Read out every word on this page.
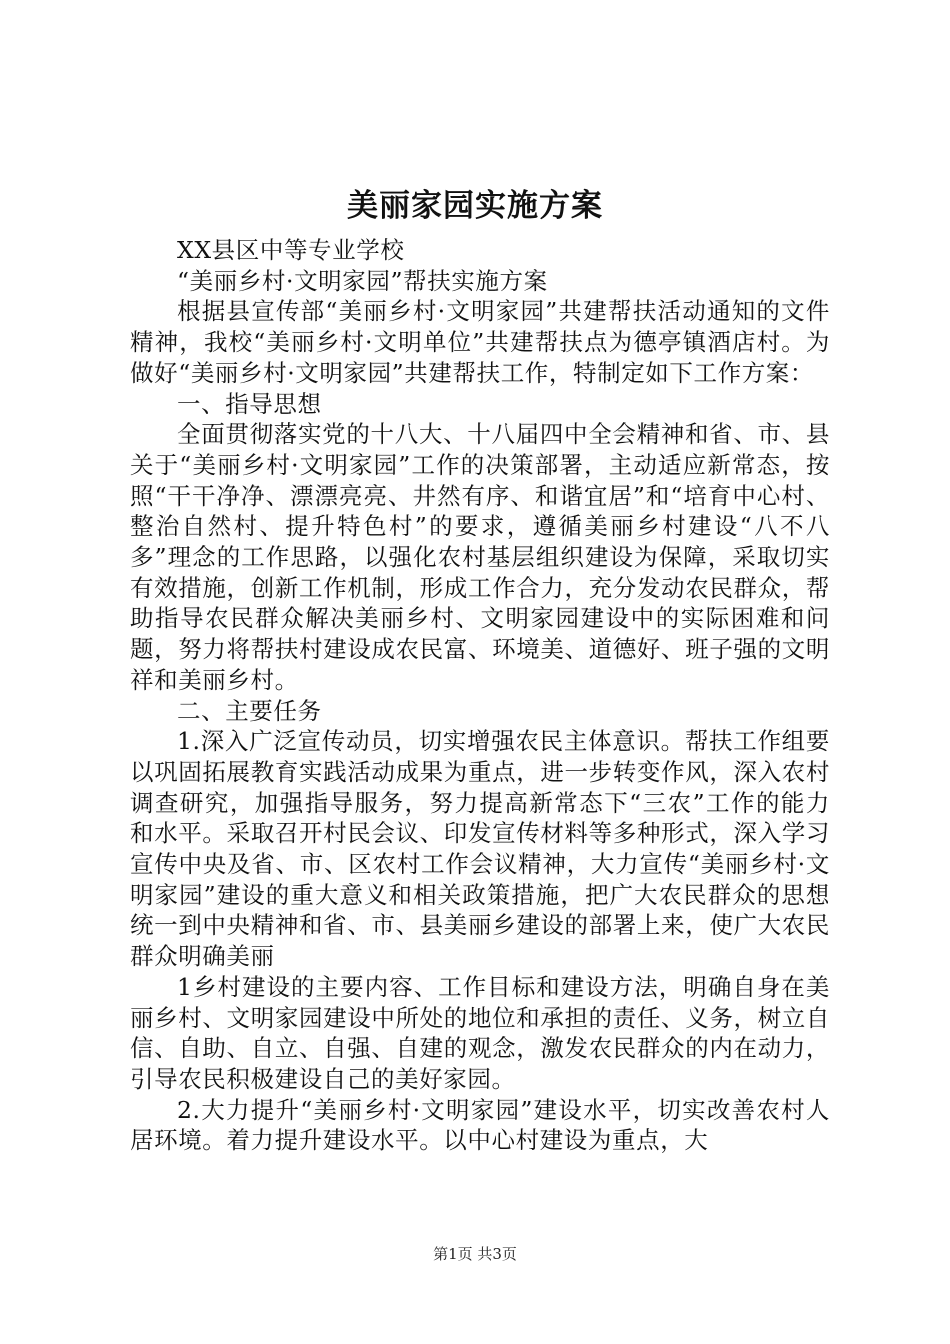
美丽家园实施方案

XX县区中等专业学校

“美丽乡村·文明家园”帮扶实施方案

根据县宣传部“美丽乡村·文明家园”共建帮扶活动通知的文件精神，我校“美丽乡村·文明单位”共建帮扶点为德亭镇酒店村。为做好“美丽乡村·文明家园”共建帮扶工作，特制定如下工作方案：

一、指导思想

全面贯彻落实党的十八大、十八届四中全会精神和省、市、县关于“美丽乡村·文明家园”工作的决策部署，主动适应新常态，按照“干干净净、漂漂亮亮、井然有序、和谐宜居”和“培育中心村、整治自然村、提升特色村”的要求，遵循美丽乡村建设“八不八多”理念的工作思路，以强化农村基层组织建设为保障，采取切实有效措施，创新工作机制，形成工作合力，充分发动农民群众，帮助指导农民群众解决美丽乡村、文明家园建设中的实际困难和问题，努力将帮扶村建设成农民富、环境美、道德好、班子强的文明祥和美丽乡村。

二、主要任务

1.深入广泛宣传动员，切实增强农民主体意识。帮扶工作组要以巩固拓展教育实践活动成果为重点，进一步转变作风，深入农村调查研究，加强指导服务，努力提高新常态下“三农”工作的能力和水平。采取召开村民会议、印发宣传材料等多种形式，深入学习宣传中央及省、市、区农村工作会议精神，大力宣传“美丽乡村·文明家园”建设的重大意义和相关政策措施，把广大农民群众的思想统一到中央精神和省、市、县美丽乡建设的部署上来，使广大农民群众明确美丽

1乡村建设的主要内容、工作目标和建设方法，明确自身在美丽乡村、文明家园建设中所处的地位和承担的责任、义务，树立自信、自助、自立、自强、自建的观念，激发农民群众的内在动力，引导农民积极建设自己的美好家园。

2.大力提升“美丽乡村·文明家园”建设水平，切实改善农村人居环境。着力提升建设水平。以中心村建设为重点，大

第1页 共3页
